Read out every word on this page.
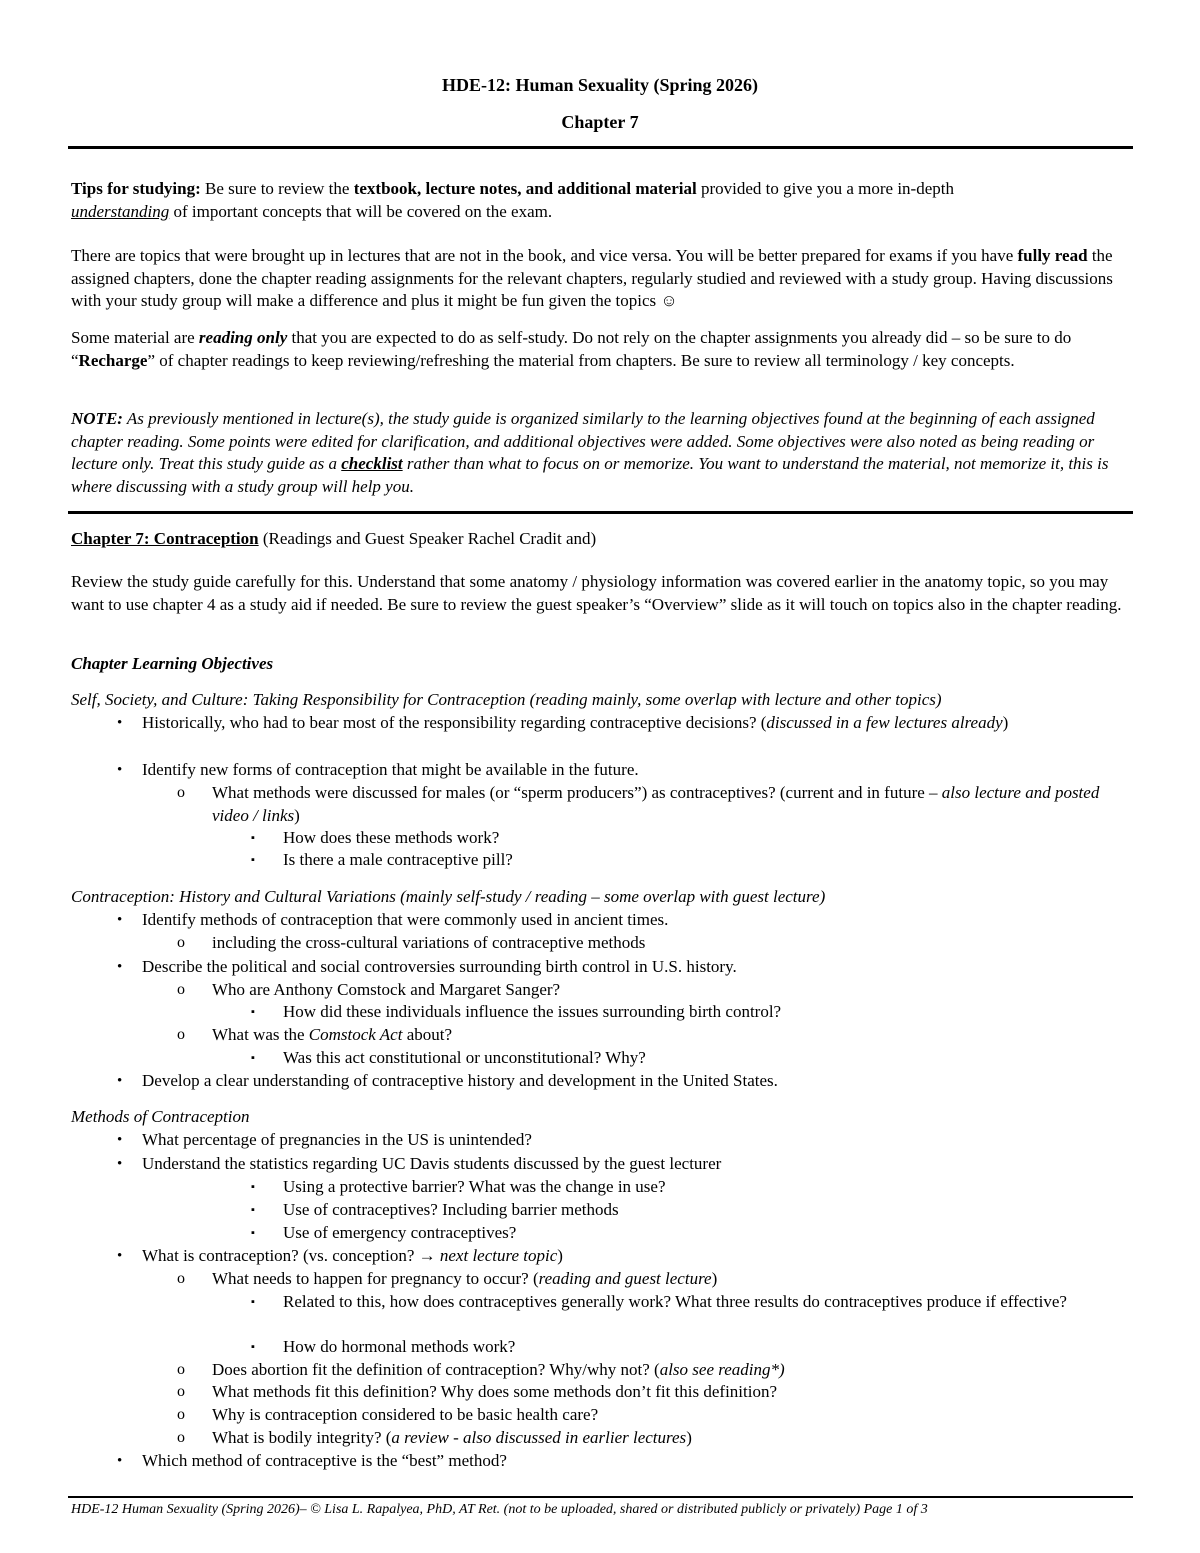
HDE-12: Human Sexuality (Spring 2026)
Chapter 7
Tips for studying: Be sure to review the textbook, lecture notes, and additional material provided to give you a more in-depth
understanding of important concepts that will be covered on the exam.
There are topics that were brought up in lectures that are not in the book, and vice versa. You will be better prepared for exams if you have fully read the assigned chapters, done the chapter reading assignments for the relevant chapters, regularly studied and reviewed with a study group. Having discussions with your study group will make a difference and plus it might be fun given the topics ☺
Some material are reading only that you are expected to do as self-study. Do not rely on the chapter assignments you already did – so be sure to do “Recharge” of chapter readings to keep reviewing/refreshing the material from chapters. Be sure to review all terminology / key concepts.
NOTE: As previously mentioned in lecture(s), the study guide is organized similarly to the learning objectives found at the beginning of each assigned chapter reading. Some points were edited for clarification, and additional objectives were added. Some objectives were also noted as being reading or lecture only. Treat this study guide as a checklist rather than what to focus on or memorize. You want to understand the material, not memorize it, this is where discussing with a study group will help you.
Chapter 7: Contraception (Readings and Guest Speaker Rachel Cradit and)
Review the study guide carefully for this. Understand that some anatomy / physiology information was covered earlier in the anatomy topic, so you may want to use chapter 4 as a study aid if needed. Be sure to review the guest speaker’s “Overview” slide as it will touch on topics also in the chapter reading.
Chapter Learning Objectives
Self, Society, and Culture: Taking Responsibility for Contraception (reading mainly, some overlap with lecture and other topics)
• Historically, who had to bear most of the responsibility regarding contraceptive decisions? (discussed in a few lectures already)
• Identify new forms of contraception that might be available in the future.
o What methods were discussed for males (or “sperm producers”) as contraceptives? (current and in future – also lecture and posted video / links)
▪ How does these methods work?
▪ Is there a male contraceptive pill?
Contraception: History and Cultural Variations (mainly self-study / reading – some overlap with guest lecture)
• Identify methods of contraception that were commonly used in ancient times.
o including the cross-cultural variations of contraceptive methods
• Describe the political and social controversies surrounding birth control in U.S. history.
o Who are Anthony Comstock and Margaret Sanger?
▪ How did these individuals influence the issues surrounding birth control?
o What was the Comstock Act about?
▪ Was this act constitutional or unconstitutional? Why?
• Develop a clear understanding of contraceptive history and development in the United States.
Methods of Contraception
• What percentage of pregnancies in the US is unintended?
• Understand the statistics regarding UC Davis students discussed by the guest lecturer
▪ Using a protective barrier? What was the change in use?
▪ Use of contraceptives? Including barrier methods
▪ Use of emergency contraceptives?
• What is contraception? (vs. conception? → next lecture topic)
o What needs to happen for pregnancy to occur? (reading and guest lecture)
▪ Related to this, how does contraceptives generally work? What three results do contraceptives produce if effective?
▪ How do hormonal methods work?
o Does abortion fit the definition of contraception? Why/why not? (also see reading*)
o What methods fit this definition? Why does some methods don’t fit this definition?
o Why is contraception considered to be basic health care?
o What is bodily integrity? (a review - also discussed in earlier lectures)
• Which method of contraceptive is the “best” method?
HDE-12 Human Sexuality (Spring 2026)– © Lisa L. Rapalyea, PhD, AT Ret. (not to be uploaded, shared or distributed publicly or privately) Page 1 of 3
